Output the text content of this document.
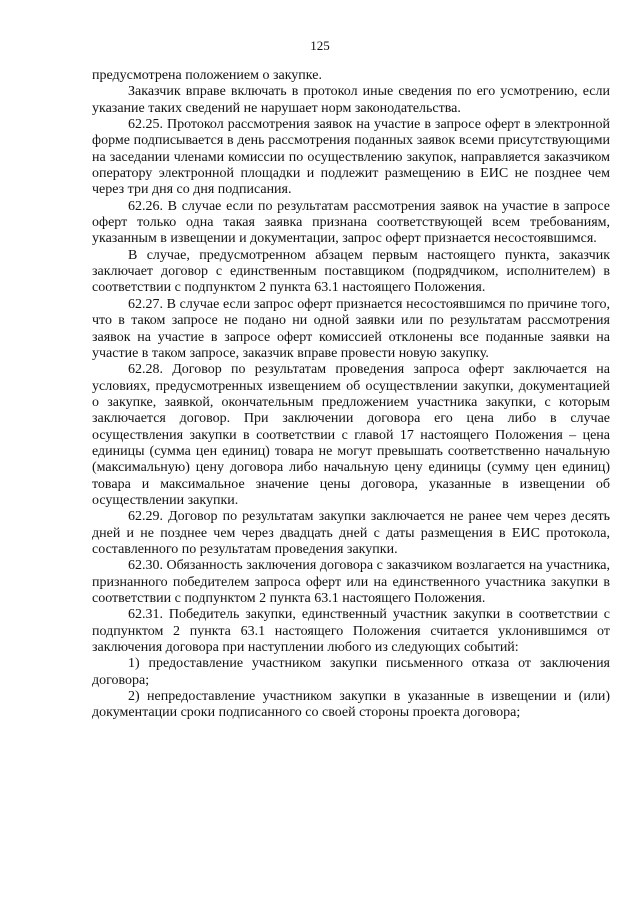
125

предусмотрена положением о закупке.

Заказчик вправе включать в протокол иные сведения по его усмотрению, если указание таких сведений не нарушает норм законодательства.

62.25. Протокол рассмотрения заявок на участие в запросе оферт в электронной форме подписывается в день рассмотрения поданных заявок всеми присутствующими на заседании членами комиссии по осуществлению закупок, направляется заказчиком оператору электронной площадки и подлежит размещению в ЕИС не позднее чем через три дня со дня подписания.

62.26. В случае если по результатам рассмотрения заявок на участие в запросе оферт только одна такая заявка признана соответствующей всем требованиям, указанным в извещении и документации, запрос оферт признается несостоявшимся.

В случае, предусмотренном абзацем первым настоящего пункта, заказчик заключает договор с единственным поставщиком (подрядчиком, исполнителем) в соответствии с подпунктом 2 пункта 63.1 настоящего Положения.

62.27. В случае если запрос оферт признается несостоявшимся по причине того, что в таком запросе не подано ни одной заявки или по результатам рассмотрения заявок на участие в запросе оферт комиссией отклонены все поданные заявки на участие в таком запросе, заказчик вправе провести новую закупку.

62.28. Договор по результатам проведения запроса оферт заключается на условиях, предусмотренных извещением об осуществлении закупки, документацией о закупке, заявкой, окончательным предложением участника закупки, с которым заключается договор. При заключении договора его цена либо в случае осуществления закупки в соответствии с главой 17 настоящего Положения – цена единицы (сумма цен единиц) товара не могут превышать соответственно начальную (максимальную) цену договора либо начальную цену единицы (сумму цен единиц) товара и максимальное значение цены договора, указанные в извещении об осуществлении закупки.

62.29. Договор по результатам закупки заключается не ранее чем через десять дней и не позднее чем через двадцать дней с даты размещения в ЕИС протокола, составленного по результатам проведения закупки.

62.30. Обязанность заключения договора с заказчиком возлагается на участника, признанного победителем запроса оферт или на единственного участника закупки в соответствии с подпунктом 2 пункта 63.1 настоящего Положения.

62.31. Победитель закупки, единственный участник закупки в соответствии с подпунктом 2 пункта 63.1 настоящего Положения считается уклонившимся от заключения договора при наступлении любого из следующих событий:

1) предоставление участником закупки письменного отказа от заключения договора;

2) непредоставление участником закупки в указанные в извещении и (или) документации сроки подписанного со своей стороны проекта договора;
